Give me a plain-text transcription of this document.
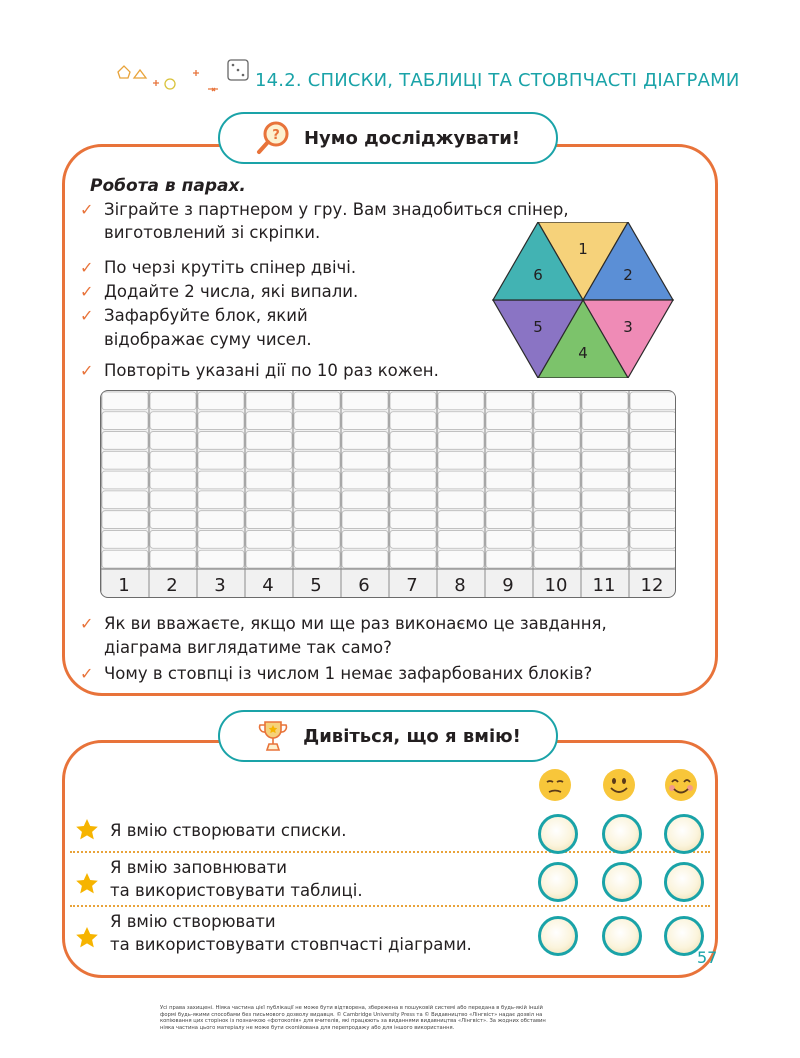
14.2. СПИСКИ, ТАБЛИЦІ ТА СТОВПЧАСТІ ДІАГРАМИ
? Нумо досліджувати!
Робота в парах.
✓ Зіграйте з партнером у гру. Вам знадобиться спінер,
виготовлений зі скріпки.
✓ По черзі крутіть спінер двічі.
✓ Додайте 2 числа, які випали.
✓ Зафарбуйте блок, який
відображає суму чисел.
✓ Повторіть указані дії по 10 раз кожен.
1
2
3
4
5
6
1	2	3	4	5	6	7	8	9	10	11	12
✓ Як ви вважаєте, якщо ми ще раз виконаємо це завдання,
діаграма виглядатиме так само?
✓ Чому в стовпці із числом 1 немає зафарбованих блоків?
Дивіться, що я вмію!
Я вмію створювати списки.
Я вмію заповнювати
та використовувати таблиці.
Я вмію створювати
та використовувати стовпчасті діаграми.
57
Усі права захищені. Ніяка частина цієї публікації не може бути відтворена, збережена в пошуковій системі або передана в будь-якій іншій
формі будь-якими способами без письмового дозволу видавця. © Cambridge University Press та © Видавництво «Лінгвіст» надає дозвіл на
копіювання цих сторінок із позначкою «фотокопія» для вчителів, які працюють за виданнями видавництва «Лінгвіст». За жодних обставин
ніяка частина цього матеріалу не може бути скопійована для перепродажу або для іншого використання.
